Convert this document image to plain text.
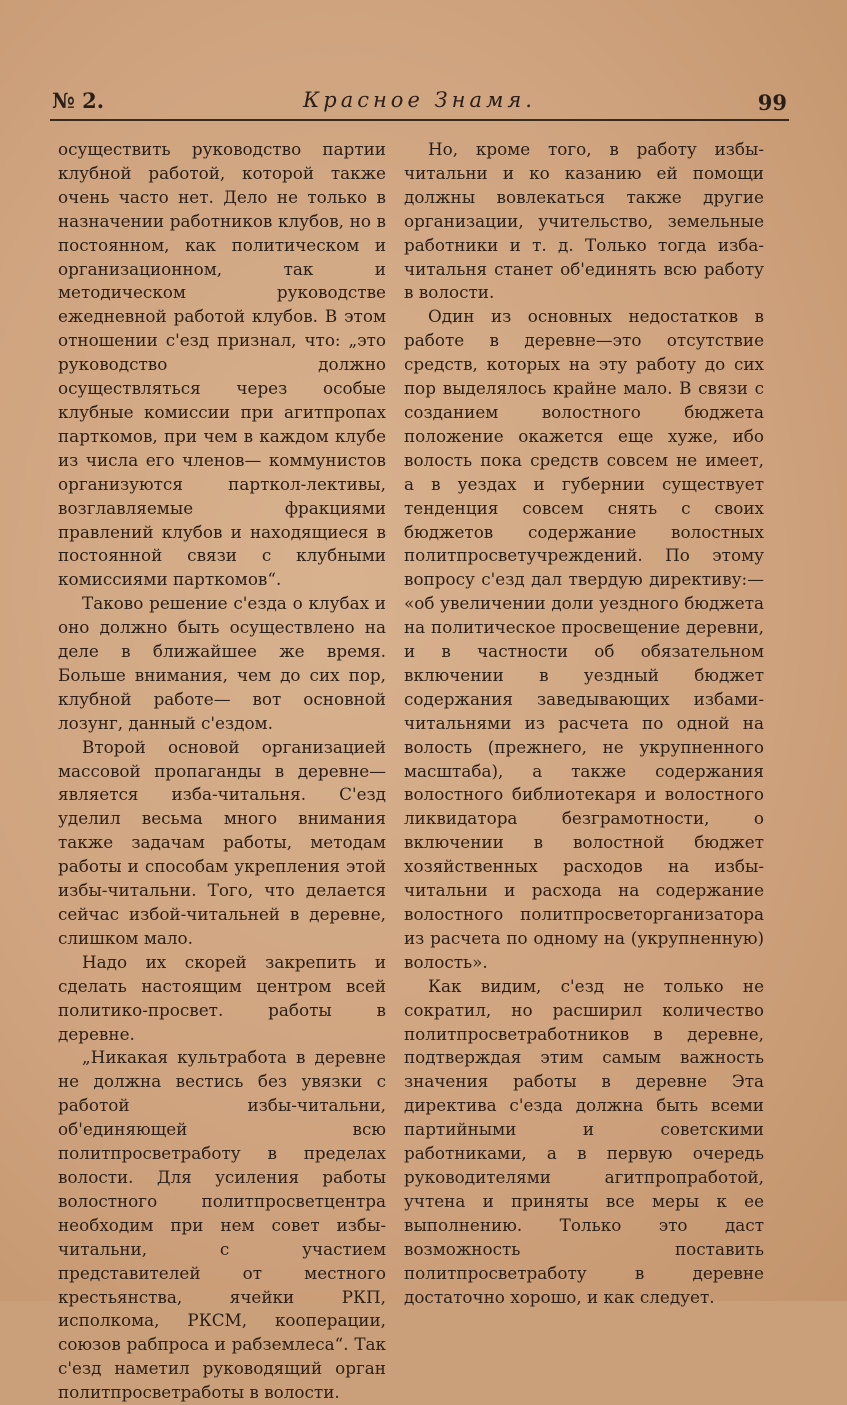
№ 2.	Красное Знамя.	99

осуществить руководство партии клубной работой, которой также очень часто нет. Дело не только в назначении работников клубов, но в постоянном, как политическом и организационном, так и методическом руководстве ежедневной работой клубов. В этом отношении с'езд признал, что: „это руководство должно осуществляться через особые клубные комиссии при агитпропах парткомов, при чем в каждом клубе из числа его членов— коммунистов организуются парткол-лективы, возглавляемые фракциями правлений клубов и находящиеся в постоянной связи с клубными комиссиями парткомов“.

Таково решение с'езда о клубах и оно должно быть осуществлено на деле в ближайшее же время. Больше внимания, чем до сих пор, клубной работе— вот основной лозунг, данный с'ездом.

Второй основой организацией массовой пропаганды в деревне—является изба-читальня. С'езд уделил весьма много внимания также задачам работы, методам работы и способам укрепления этой избы-читальни. Того, что делается сейчас избой-читальней в деревне, слишком мало.

Надо их скорей закрепить и сделать настоящим центром всей политико-просвет. работы в деревне.

„Никакая культработа в деревне не должна вестись без увязки с работой избы-читальни, об'единяющей всю политпросветработу в пределах волости. Для усиления работы волостного политпросветцентра необходим при нем совет избы-читальни, с участием представителей от местного крестьянства, ячейки РКП, исполкома, РКСМ, кооперации, союзов рабпроса и рабземлеса“. Так с'езд наметил руководящий орган политпросветработы в волости.

Но, кроме того, в работу избы-читальни и ко казанию ей помощи должны вовлекаться также другие организации, учительство, земельные работники и т. д. Только тогда изба-читальня станет об'единять всю работу в волости.

Один из основных недостатков в работе в деревне—это отсутствие средств, которых на эту работу до сих пор выделялось крайне мало. В связи с созданием волостного бюджета положение окажется еще хуже, ибо волость пока средств совсем не имеет, а в уездах и губернии существует тенденция совсем снять с своих бюджетов содержание волостных политпросветучреждений. По этому вопросу с'езд дал твердую директиву:— «об увеличении доли уездного бюджета на политическое просвещение деревни, и в частности об обязательном включении в уездный бюджет содержания заведывающих избами-читальнями из расчета по одной на волость (прежнего, не укрупненного масштаба), а также содержания волостного библиотекаря и волостного ликвидатора безграмотности, о включении в волостной бюджет хозяйственных расходов на избы-читальни и расхода на содержание волостного политпросветорганизатора из расчета по одному на (укрупненную) волость».

Как видим, с'езд не только не сократил, но расширил количество политпросветработников в деревне, подтверждая этим самым важность значения работы в деревне Эта директива с'езда должна быть всеми партийными и советскими работниками, а в первую очередь руководителями агитпропработой, учтена и приняты все меры к ее выполнению. Только это даст возможность поставить политпросветработу в деревне достаточно хорошо, и как следует.
